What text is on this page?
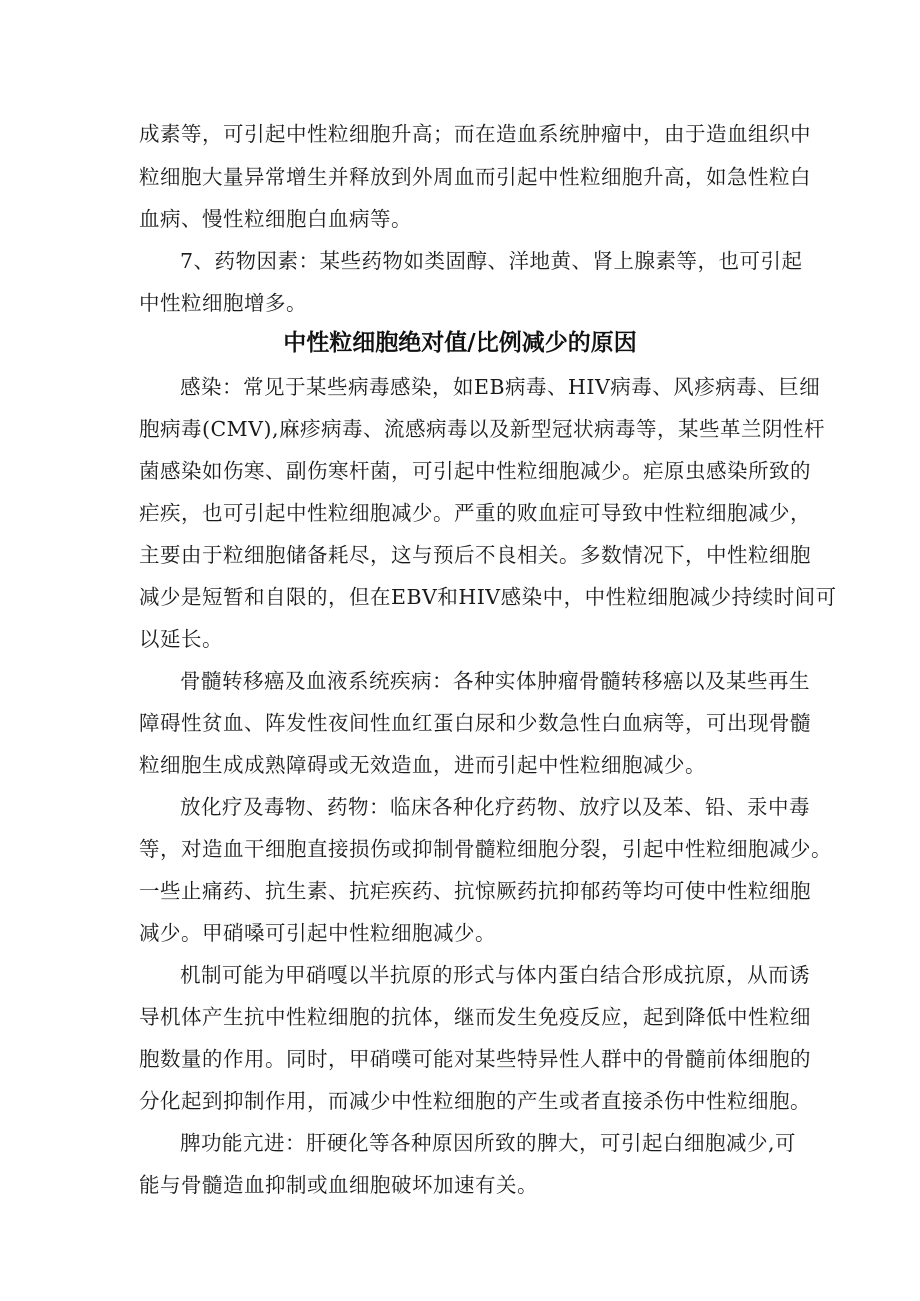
成素等，可引起中性粒细胞升高；而在造血系统肿瘤中，由于造血组织中
粒细胞大量异常增生并释放到外周血而引起中性粒细胞升高，如急性粒白
血病、慢性粒细胞白血病等。
7、药物因素：某些药物如类固醇、洋地黄、肾上腺素等，也可引起
中性粒细胞增多。
中性粒细胞绝对值/比例减少的原因
感染：常见于某些病毒感染，如EB病毒、HIV病毒、风疹病毒、巨细
胞病毒(CMV),麻疹病毒、流感病毒以及新型冠状病毒等，某些革兰阴性杆
菌感染如伤寒、副伤寒杆菌，可引起中性粒细胞减少。疟原虫感染所致的
疟疾，也可引起中性粒细胞减少。严重的败血症可导致中性粒细胞减少，
主要由于粒细胞储备耗尽，这与预后不良相关。多数情况下，中性粒细胞
减少是短暂和自限的，但在EBV和HIV感染中，中性粒细胞减少持续时间可
以延长。
骨髓转移癌及血液系统疾病：各种实体肿瘤骨髓转移癌以及某些再生
障碍性贫血、阵发性夜间性血红蛋白尿和少数急性白血病等，可出现骨髓
粒细胞生成成熟障碍或无效造血，进而引起中性粒细胞减少。
放化疗及毒物、药物：临床各种化疗药物、放疗以及苯、铅、汞中毒
等，对造血干细胞直接损伤或抑制骨髓粒细胞分裂，引起中性粒细胞减少。
一些止痛药、抗生素、抗疟疾药、抗惊厥药抗抑郁药等均可使中性粒细胞
减少。甲硝嗓可引起中性粒细胞减少。
机制可能为甲硝嘎以半抗原的形式与体内蛋白结合形成抗原，从而诱
导机体产生抗中性粒细胞的抗体，继而发生免疫反应，起到降低中性粒细
胞数量的作用。同时，甲硝噗可能对某些特异性人群中的骨髓前体细胞的
分化起到抑制作用，而减少中性粒细胞的产生或者直接杀伤中性粒细胞。
脾功能亢进：肝硬化等各种原因所致的脾大，可引起白细胞减少,可
能与骨髓造血抑制或血细胞破坏加速有关。
